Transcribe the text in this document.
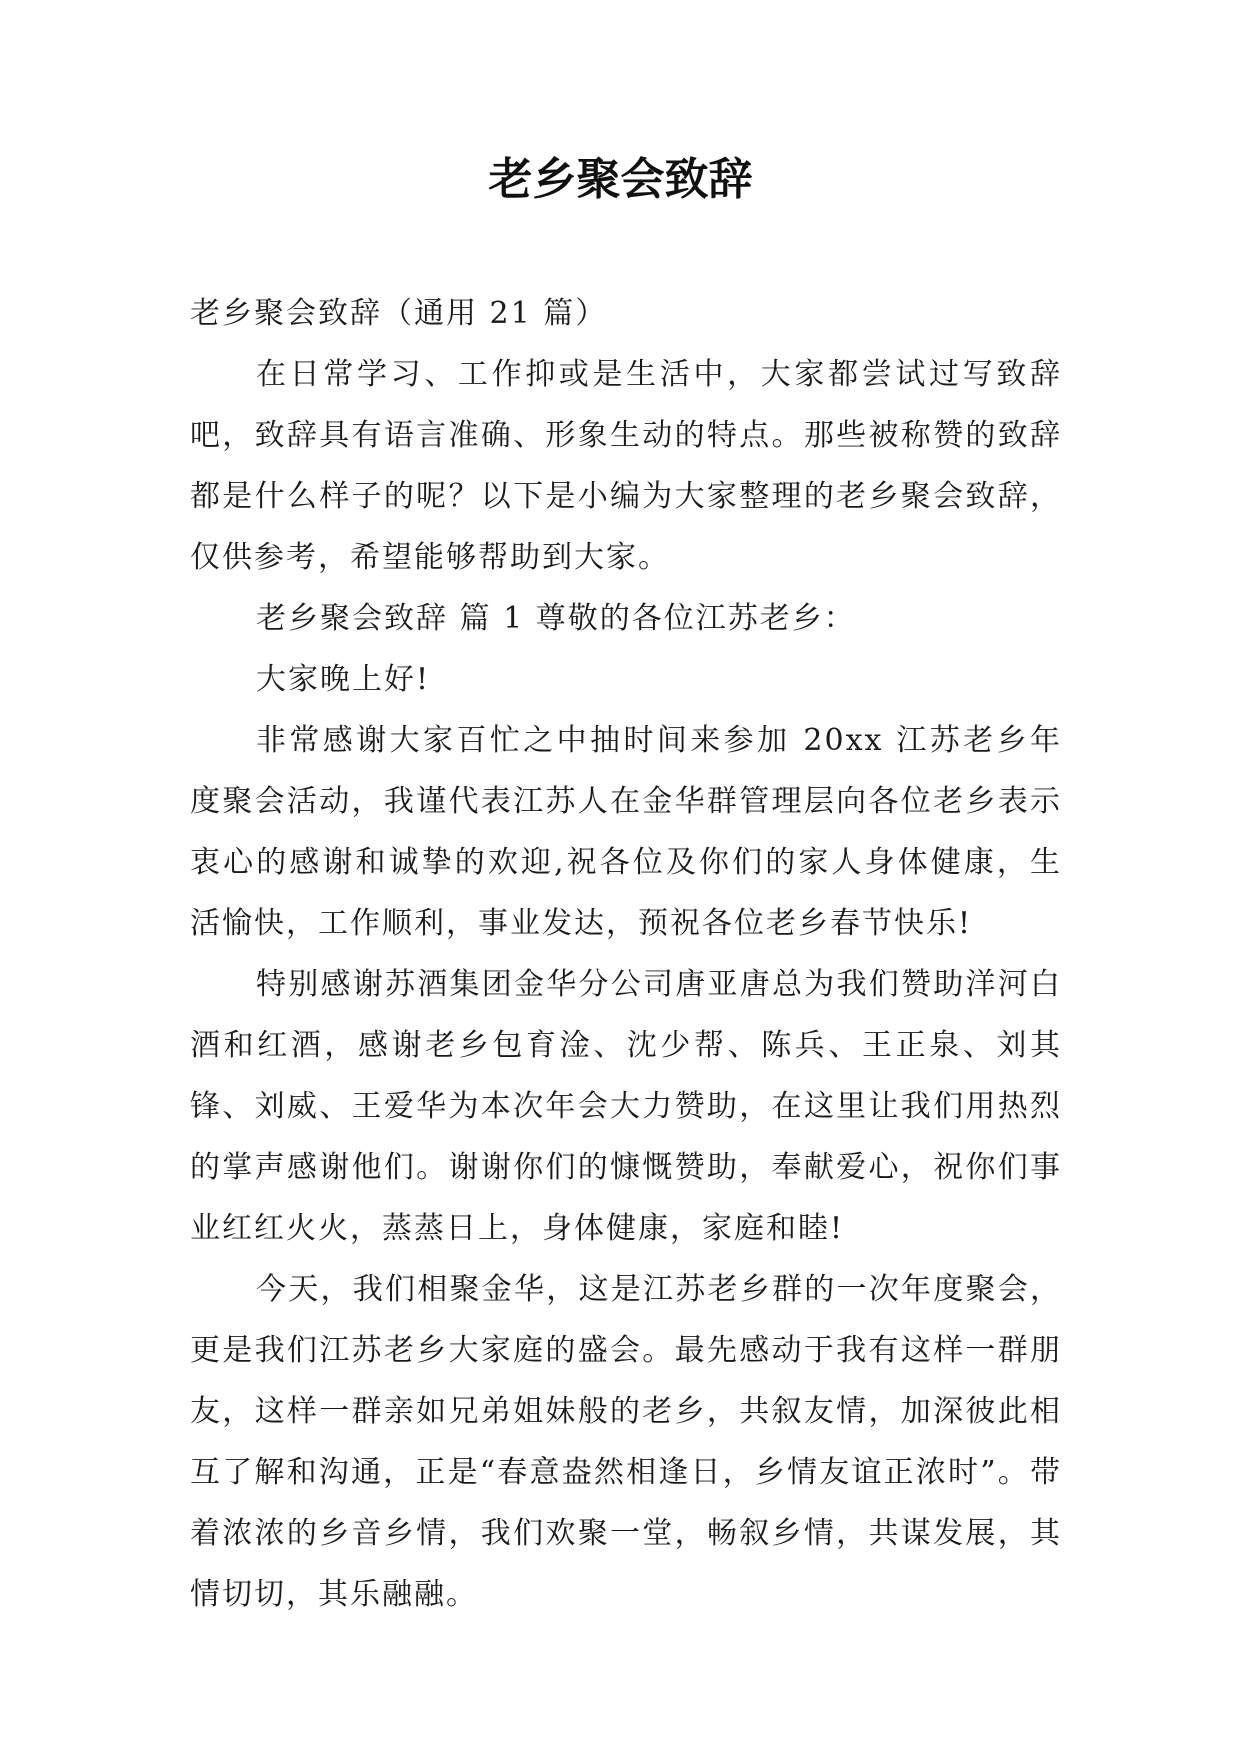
老乡聚会致辞

老乡聚会致辞（通用 21 篇）

在日常学习、工作抑或是生活中，大家都尝试过写致辞吧，致辞具有语言准确、形象生动的特点。那些被称赞的致辞都是什么样子的呢？以下是小编为大家整理的老乡聚会致辞，仅供参考，希望能够帮助到大家。

老乡聚会致辞 篇 1 尊敬的各位江苏老乡：

大家晚上好!

非常感谢大家百忙之中抽时间来参加 20xx 江苏老乡年度聚会活动，我谨代表江苏人在金华群管理层向各位老乡表示衷心的感谢和诚挚的欢迎,祝各位及你们的家人身体健康，生活愉快，工作顺利，事业发达，预祝各位老乡春节快乐!

特别感谢苏酒集团金华分公司唐亚唐总为我们赞助洋河白酒和红酒，感谢老乡包育淦、沈少帮、陈兵、王正泉、刘其锋、刘威、王爱华为本次年会大力赞助，在这里让我们用热烈的掌声感谢他们。谢谢你们的慷慨赞助，奉献爱心，祝你们事业红红火火，蒸蒸日上，身体健康，家庭和睦!

今天，我们相聚金华，这是江苏老乡群的一次年度聚会，更是我们江苏老乡大家庭的盛会。最先感动于我有这样一群朋友，这样一群亲如兄弟姐妹般的老乡，共叙友情，加深彼此相互了解和沟通，正是“春意盎然相逢日，乡情友谊正浓时”。带着浓浓的乡音乡情，我们欢聚一堂，畅叙乡情，共谋发展，其情切切，其乐融融。
